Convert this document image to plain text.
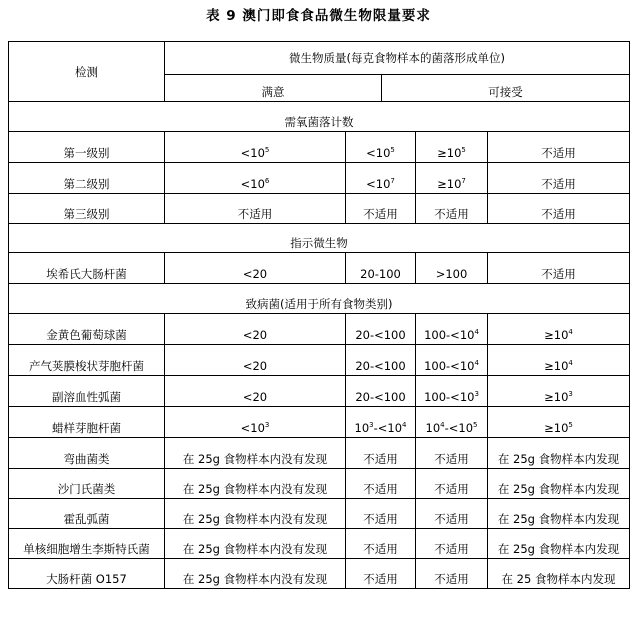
表 9 澳门即食食品微生物限量要求
检测	微生物质量(每克食物样本的菌落形成单位)					
	满意		可接受	
需氧菌落计数						
第一级别	$<10^5$	$<10^5$		$\ge 10^5$	不适用	
第二级别	$<10^6$	$<10^7$		$\ge 10^7$	不适用	
第三级别	不适用	不适用		不适用	不适用	
指示微生物						
埃希氏大肠杆菌	<20	20-100		>100	不适用	
致病菌(适用于所有食物类别)						
金黄色葡萄球菌	<20	20-<100		$100-<10^4$	$\ge 10^4$
产气荚膜梭状芽胞杆菌	<20	20-<100		$100-<10^4$	$\ge 10^4$
副溶血性弧菌	<20	20-<100		$100-<10^3$	$\ge 10^3$
蜡样芽胞杆菌	$<10^3$	$10^3-<10^4$		$10^4-<10^5$	$\ge 10^5$
弯曲菌类	在 25g 食物样本内没有发现	不适用		不适用	在 25g 食物样本内发现	
沙门氏菌类	在 25g 食物样本内没有发现	不适用		不适用	在 25g 食物样本内发现	
霍乱弧菌	在 25g 食物样本内没有发现	不适用		不适用	在 25g 食物样本内发现	
单核细胞增生李斯特氏菌	在 25g 食物样本内没有发现	不适用		不适用	在 25g 食物样本内发现	
大肠杆菌 O157	在 25g 食物样本内没有发现	不适用		不适用	在 25 食物样本内发现	
